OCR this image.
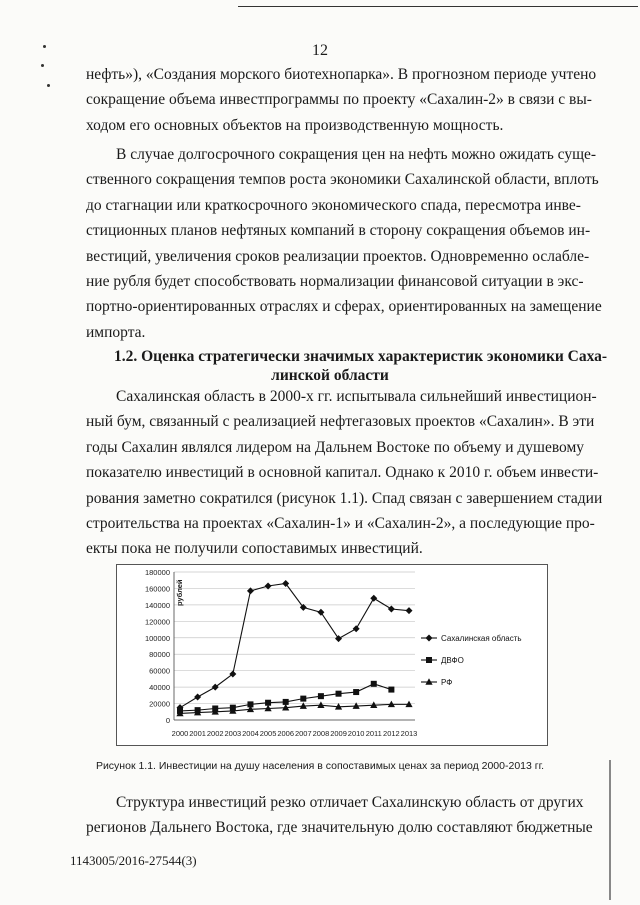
12
нефть»), «Создания морского биотехнопарка». В прогнозном периоде учтено
сокращение объема инвестпрограммы по проекту «Сахалин-2» в связи с вы-
ходом его основных объектов на производственную мощность.
В случае долгосрочного сокращения цен на нефть можно ожидать суще-
ственного сокращения темпов роста экономики Сахалинской области, вплоть
до стагнации или краткосрочного экономического спада, пересмотра инве-
стиционных планов нефтяных компаний в сторону сокращения объемов ин-
вестиций, увеличения сроков реализации проектов. Одновременно ослабле-
ние рубля будет способствовать нормализации финансовой ситуации в экс-
портно-ориентированных отраслях и сферах, ориентированных на замещение
импорта.
1.2. Оценка стратегически значимых характеристик экономики Саха-
линской области
Сахалинская область в 2000-х гг. испытывала сильнейший инвестицион-
ный бум, связанный с реализацией нефтегазовых проектов «Сахалин». В эти
годы Сахалин являлся лидером на Дальнем Востоке по объему и душевому
показателю инвестиций в основной капитал. Однако к 2010 г. объем инвести-
рования заметно сократился (рисунок 1.1). Спад связан с завершением стадии
строительства на проектах «Сахалин-1» и «Сахалин-2», а последующие про-
екты пока не получили сопоставимых инвестиций.
0
20000
40000
60000
80000
100000
120000
140000
160000
180000
рублей
2000 2001 2002 2003 2004 2005 2006 2007 2008 2009 2010 2011 2012 2013
Сахалинская область
ДВФО
РФ
Рисунок 1.1. Инвестиции на душу населения в сопоставимых ценах за период 2000-2013 гг.
Структура инвестиций резко отличает Сахалинскую область от других
регионов Дальнего Востока, где значительную долю составляют бюджетные
1143005/2016-27544(3)
